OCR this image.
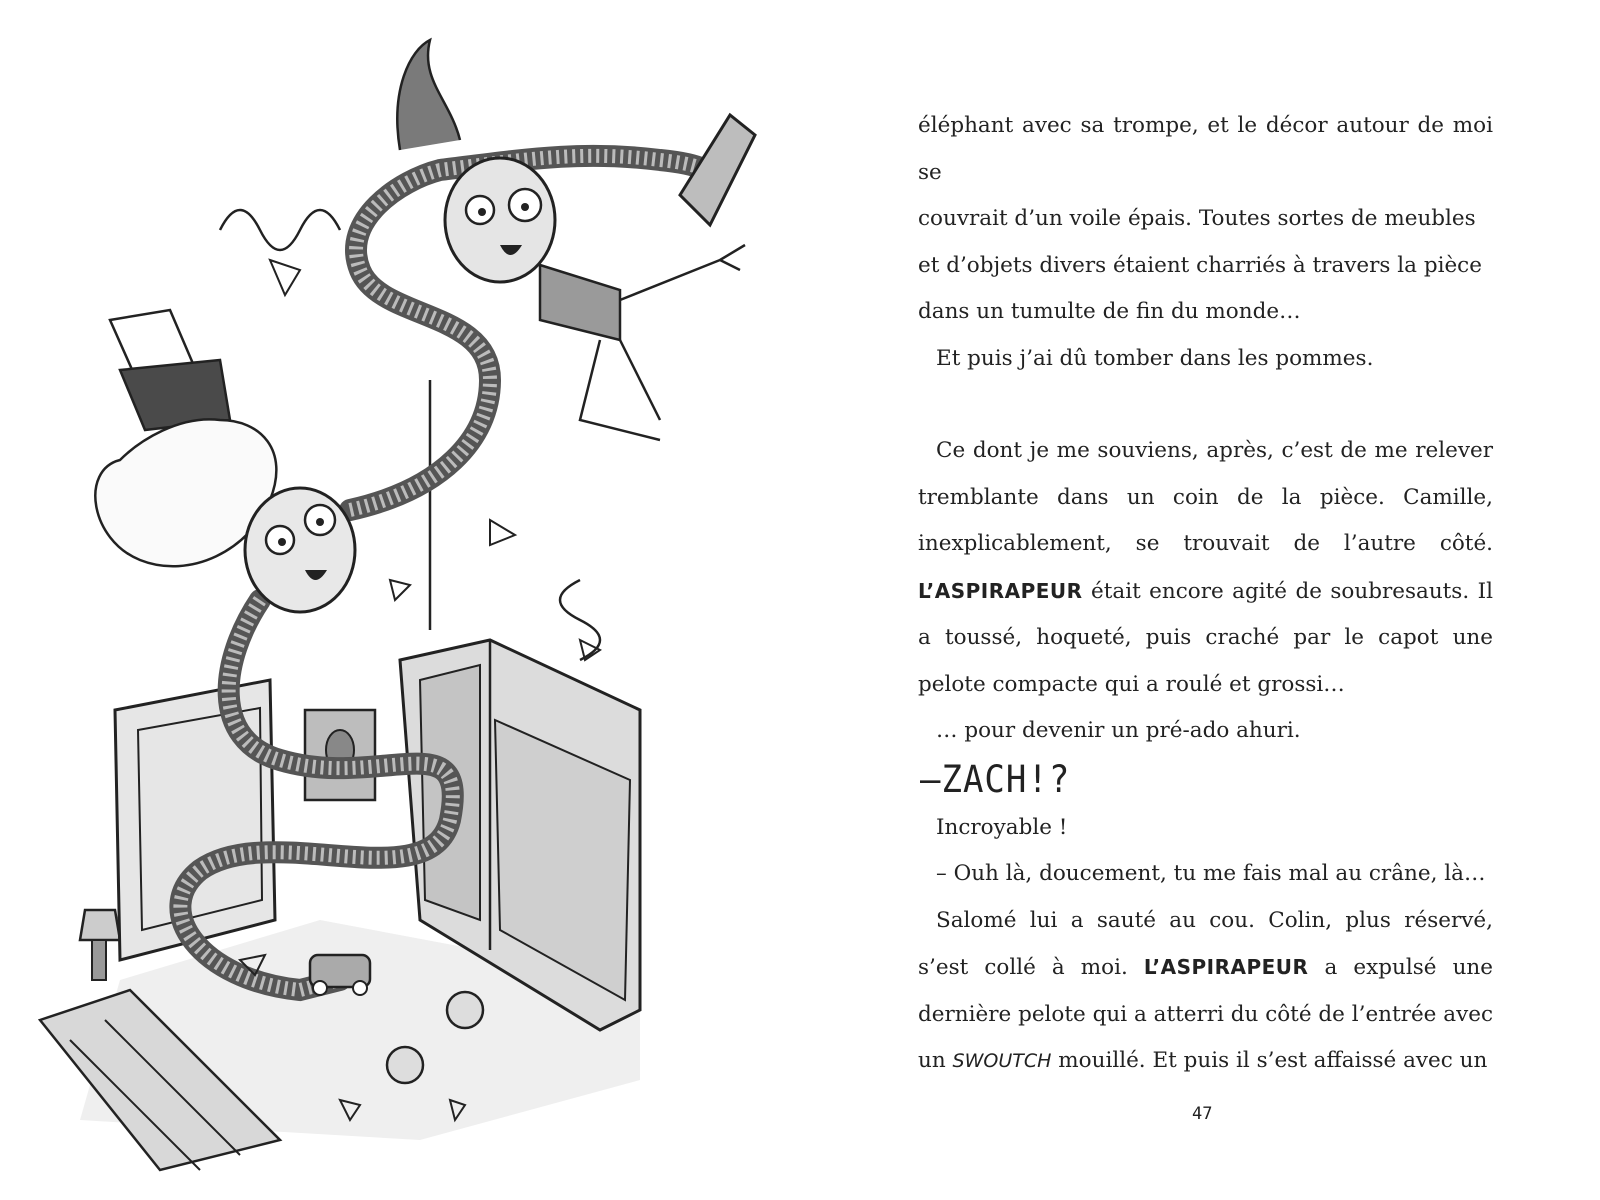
éléphant avec sa trompe, et le décor autour de moi se

couvrait d’un voile épais. Toutes sortes de meubles

et d’objets divers étaient charriés à travers la pièce

dans un tumulte de fin du monde…

Et puis j’ai dû tomber dans les pommes.

Ce dont je me souviens, après, c’est de me relever tremblante dans un coin de la pièce. Camille, inexplicablement, se trouvait de l’autre côté. L’ASPIRAPEUR était encore agité de soubresauts. Il a toussé, hoqueté, puis craché par le capot une pelote compacte qui a roulé et grossi…

… pour devenir un pré-ado ahuri.

–ZACH!?

Incroyable !

– Ouh là, doucement, tu me fais mal au crâne, là…

Salomé lui a sauté au cou. Colin, plus réservé, s’est collé à moi. L’ASPIRAPEUR a expulsé une dernière pelote qui a atterri du côté de l’entrée avec un SWOUTCH mouillé. Et puis il s’est affaissé avec un

47
